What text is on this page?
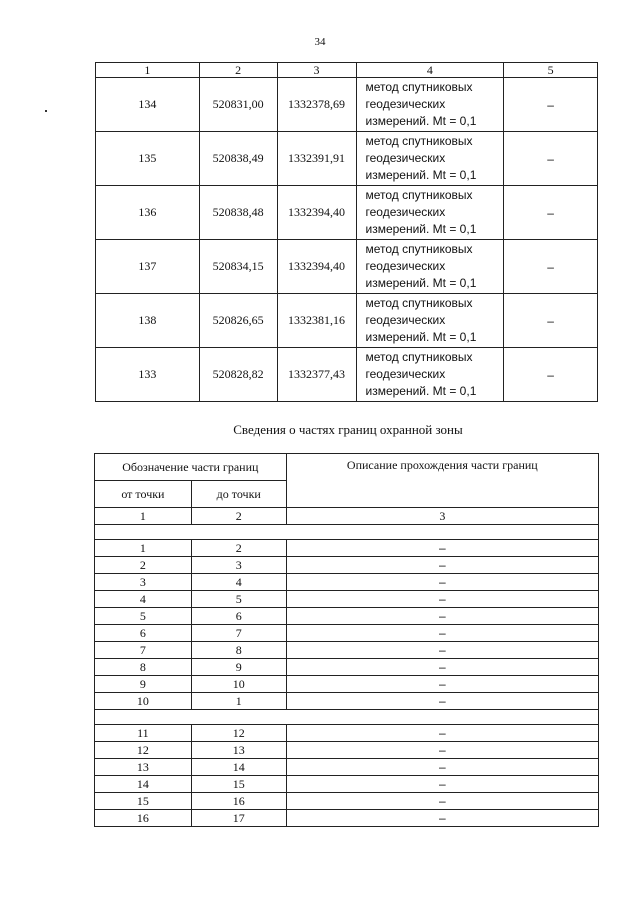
34
1	2	3	4	5
134	520831,00	1332378,69	метод спутниковых
геодезических
измерений. Mt = 0,1	–
135	520838,49	1332391,91	метод спутниковых
геодезических
измерений. Mt = 0,1	–
136	520838,48	1332394,40	метод спутниковых
геодезических
измерений. Mt = 0,1	–
137	520834,15	1332394,40	метод спутниковых
геодезических
измерений. Mt = 0,1	–
138	520826,65	1332381,16	метод спутниковых
геодезических
измерений. Mt = 0,1	–
133	520828,82	1332377,43	метод спутниковых
геодезических
измерений. Mt = 0,1	–
Сведения о частях границ охранной зоны
Обозначение части границ		Описание прохождения части границ
от точки	до точки	
1	2	3

1	2	–
2	3	–
3	4	–
4	5	–
5	6	–
6	7	–
7	8	–
8	9	–
9	10	–
10	1	–

11	12	–
12	13	–
13	14	–
14	15	–
15	16	–
16	17	–
